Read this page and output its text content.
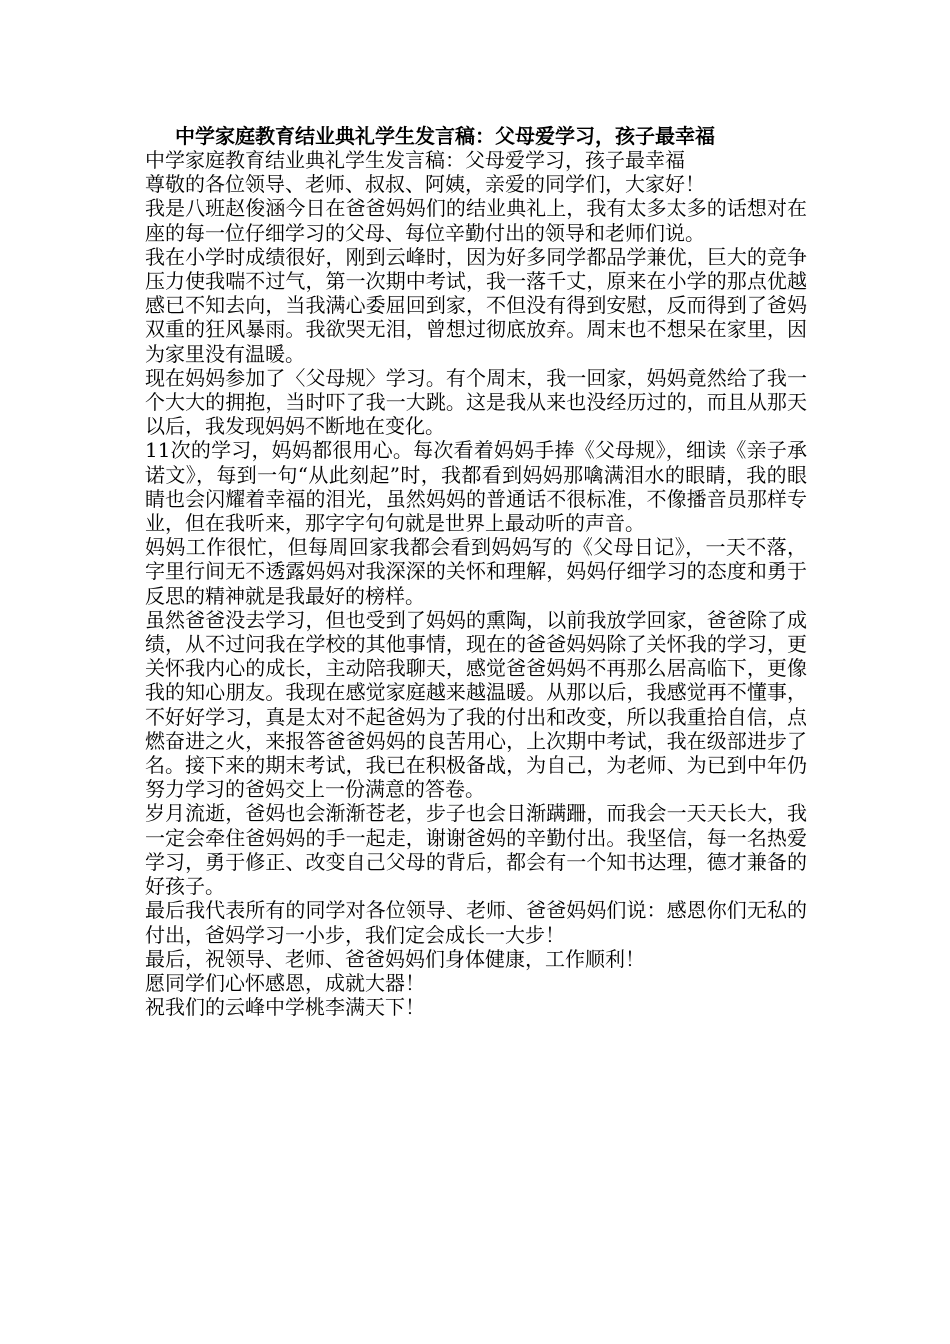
中学家庭教育结业典礼学生发言稿：父母爱学习，孩子最幸福

中学家庭教育结业典礼学生发言稿：父母爱学习，孩子最幸福

尊敬的各位领导、老师、叔叔、阿姨，亲爱的同学们，大家好！

我是八班赵俊涵今日在爸爸妈妈们的结业典礼上，我有太多太多的话想对在座的每一位仔细学习的父母、每位辛勤付出的领导和老师们说。

我在小学时成绩很好，刚到云峰时，因为好多同学都品学兼优，巨大的竞争压力使我喘不过气，第一次期中考试，我一落千丈，原来在小学的那点优越感已不知去向，当我满心委屈回到家，不但没有得到安慰，反而得到了爸妈双重的狂风暴雨。我欲哭无泪，曾想过彻底放弃。周末也不想呆在家里，因为家里没有温暖。

现在妈妈参加了〈父母规〉学习。有个周末，我一回家，妈妈竟然给了我一个大大的拥抱，当时吓了我一大跳。这是我从来也没经历过的，而且从那天以后，我发现妈妈不断地在变化。

11次的学习，妈妈都很用心。每次看着妈妈手捧《父母规》，细读《亲子承诺文》，每到一句“从此刻起”时，我都看到妈妈那噙满泪水的眼睛，我的眼睛也会闪耀着幸福的泪光，虽然妈妈的普通话不很标准，不像播音员那样专业，但在我听来，那字字句句就是世界上最动听的声音。

妈妈工作很忙，但每周回家我都会看到妈妈写的《父母日记》，一天不落，字里行间无不透露妈妈对我深深的关怀和理解，妈妈仔细学习的态度和勇于反思的精神就是我最好的榜样。

虽然爸爸没去学习，但也受到了妈妈的熏陶，以前我放学回家，爸爸除了成绩，从不过问我在学校的其他事情，现在的爸爸妈妈除了关怀我的学习，更关怀我内心的成长，主动陪我聊天，感觉爸爸妈妈不再那么居高临下，更像我的知心朋友。我现在感觉家庭越来越温暖。从那以后，我感觉再不懂事，不好好学习，真是太对不起爸妈为了我的付出和改变，所以我重拾自信，点燃奋进之火，来报答爸爸妈妈的良苦用心，上次期中考试，我在级部进步了　名。接下来的期末考试，我已在积极备战，为自己，为老师、为已到中年仍努力学习的爸妈交上一份满意的答卷。

岁月流逝，爸妈也会渐渐苍老，步子也会日渐蹒跚，而我会一天天长大，我一定会牵住爸妈妈的手一起走，谢谢爸妈的辛勤付出。我坚信，每一名热爱学习，勇于修正、改变自己父母的背后，都会有一个知书达理，德才兼备的好孩子。

最后我代表所有的同学对各位领导、老师、爸爸妈妈们说：感恩你们无私的付出，爸妈学习一小步，我们定会成长一大步！

最后，祝领导、老师、爸爸妈妈们身体健康，工作顺利！

愿同学们心怀感恩，成就大器！

祝我们的云峰中学桃李满天下！
